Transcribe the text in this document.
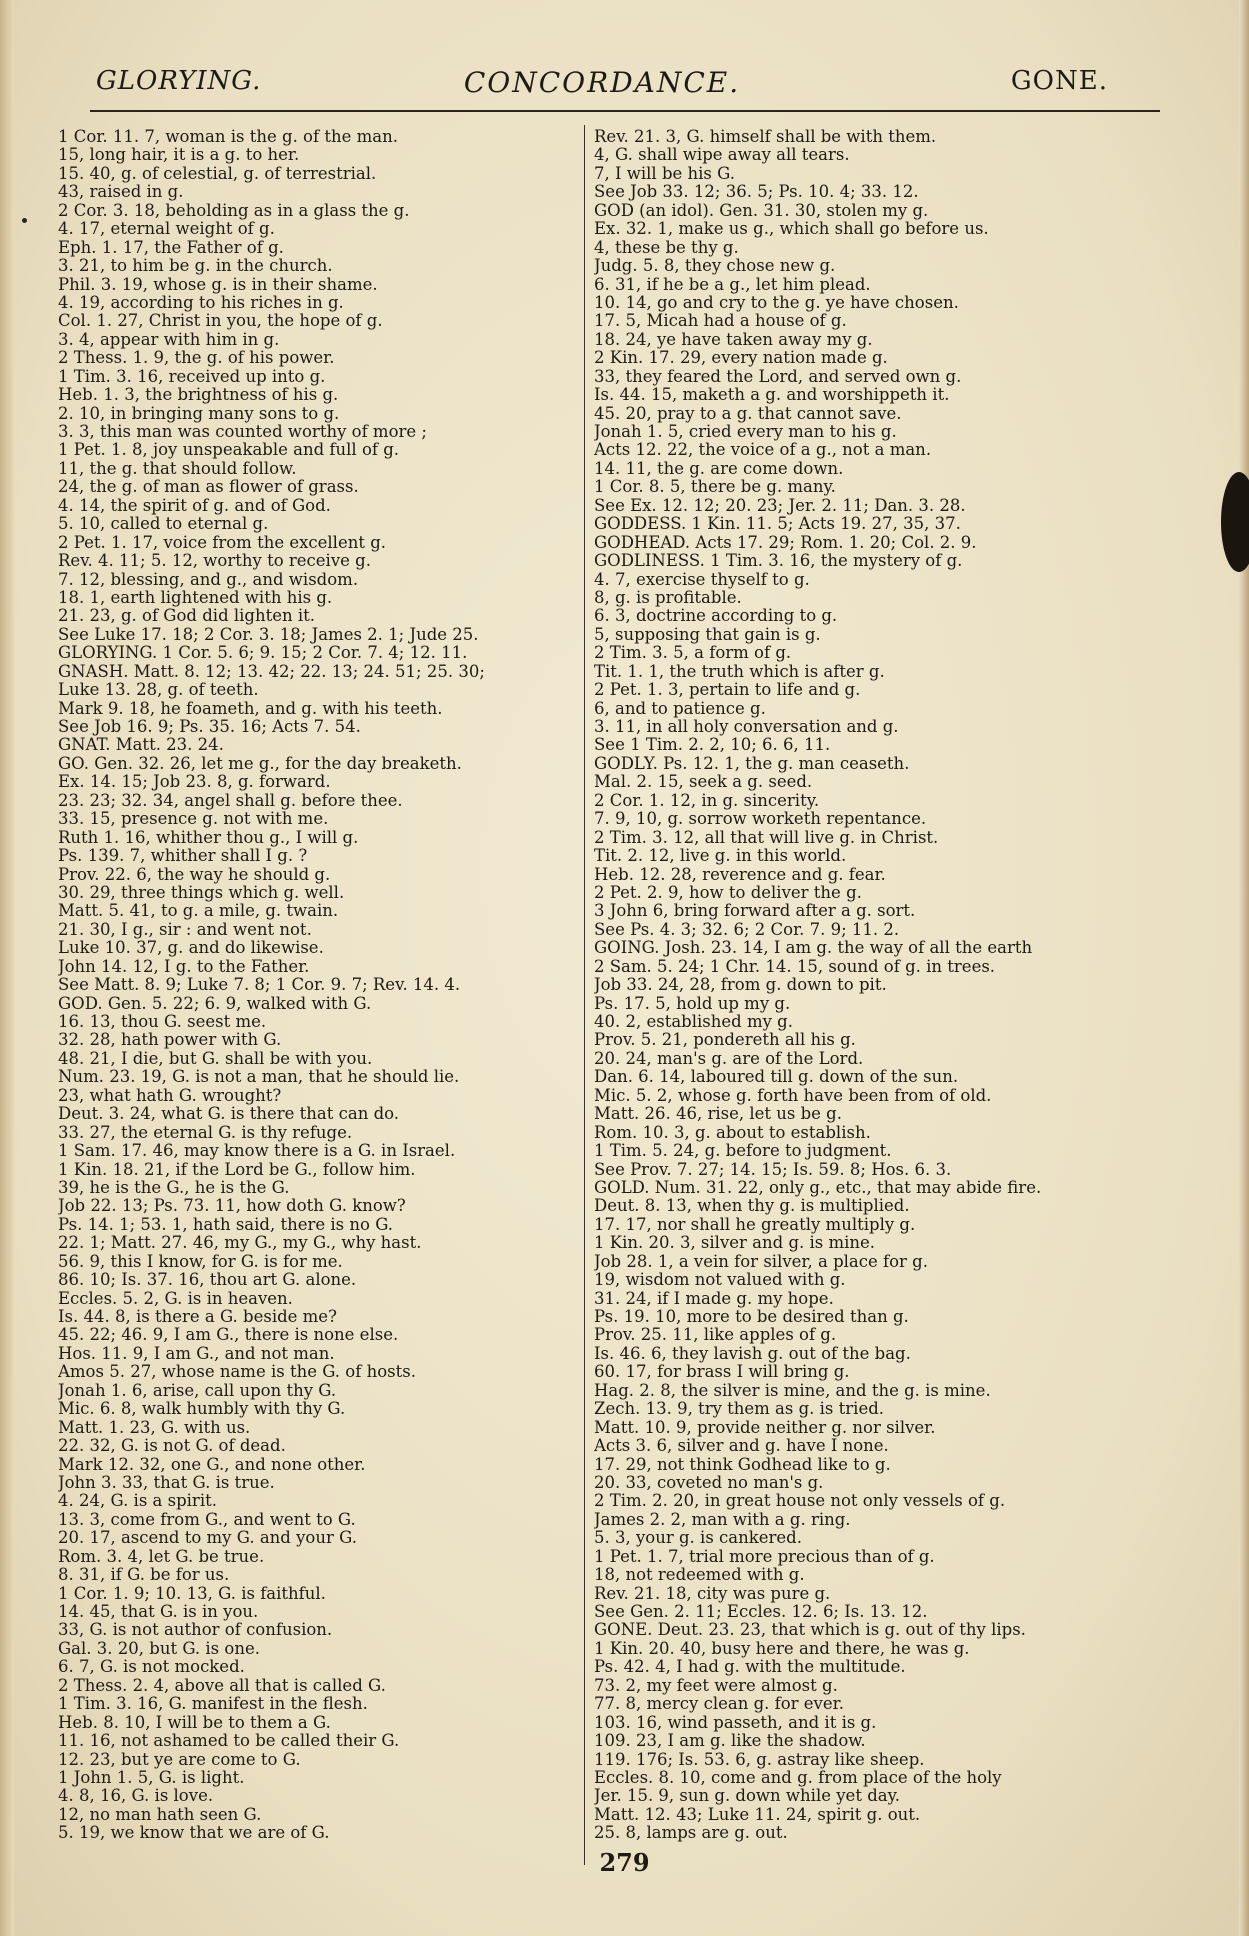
GLORYING.	CONCORDANCE.	GONE.
1 Cor. 11. 7, woman is the g. of the man.
15, long hair, it is a g. to her.
15. 40, g. of celestial, g. of terrestrial.
43, raised in g.
2 Cor. 3. 18, beholding as in a glass the g.
4. 17, eternal weight of g.
Eph. 1. 17, the Father of g.
3. 21, to him be g. in the church.
Phil. 3. 19, whose g. is in their shame.
4. 19, according to his riches in g.
Col. 1. 27, Christ in you, the hope of g.
3. 4, appear with him in g.
2 Thess. 1. 9, the g. of his power.
1 Tim. 3. 16, received up into g.
Heb. 1. 3, the brightness of his g.
2. 10, in bringing many sons to g.
3. 3, this man was counted worthy of more ;
1 Pet. 1. 8, joy unspeakable and full of g.
11, the g. that should follow.
24, the g. of man as flower of grass.
4. 14, the spirit of g. and of God.
5. 10, called to eternal g.
2 Pet. 1. 17, voice from the excellent g.
Rev. 4. 11; 5. 12, worthy to receive g.
7. 12, blessing, and g., and wisdom.
18. 1, earth lightened with his g.
21. 23, g. of God did lighten it.
See Luke 17. 18; 2 Cor. 3. 18; James 2. 1; Jude 25.
GLORYING. 1 Cor. 5. 6; 9. 15; 2 Cor. 7. 4; 12. 11.
GNASH. Matt. 8. 12; 13. 42; 22. 13; 24. 51; 25. 30;
Luke 13. 28, g. of teeth.
Mark 9. 18, he foameth, and g. with his teeth.
See Job 16. 9; Ps. 35. 16; Acts 7. 54.
GNAT. Matt. 23. 24.
GO. Gen. 32. 26, let me g., for the day breaketh.
Ex. 14. 15; Job 23. 8, g. forward.
23. 23; 32. 34, angel shall g. before thee.
33. 15, presence g. not with me.
Ruth 1. 16, whither thou g., I will g.
Ps. 139. 7, whither shall I g. ?
Prov. 22. 6, the way he should g.
30. 29, three things which g. well.
Matt. 5. 41, to g. a mile, g. twain.
21. 30, I g., sir : and went not.
Luke 10. 37, g. and do likewise.
John 14. 12, I g. to the Father.
See Matt. 8. 9; Luke 7. 8; 1 Cor. 9. 7; Rev. 14. 4.
GOD. Gen. 5. 22; 6. 9, walked with G.
16. 13, thou G. seest me.
32. 28, hath power with G.
48. 21, I die, but G. shall be with you.
Num. 23. 19, G. is not a man, that he should lie.
23, what hath G. wrought?
Deut. 3. 24, what G. is there that can do.
33. 27, the eternal G. is thy refuge.
1 Sam. 17. 46, may know there is a G. in Israel.
1 Kin. 18. 21, if the Lord be G., follow him.
39, he is the G., he is the G.
Job 22. 13; Ps. 73. 11, how doth G. know?
Ps. 14. 1; 53. 1, hath said, there is no G.
22. 1; Matt. 27. 46, my G., my G., why hast.
56. 9, this I know, for G. is for me.
86. 10; Is. 37. 16, thou art G. alone.
Eccles. 5. 2, G. is in heaven.
Is. 44. 8, is there a G. beside me?
45. 22; 46. 9, I am G., there is none else.
Hos. 11. 9, I am G., and not man.
Amos 5. 27, whose name is the G. of hosts.
Jonah 1. 6, arise, call upon thy G.
Mic. 6. 8, walk humbly with thy G.
Matt. 1. 23, G. with us.
22. 32, G. is not G. of dead.
Mark 12. 32, one G., and none other.
John 3. 33, that G. is true.
4. 24, G. is a spirit.
13. 3, come from G., and went to G.
20. 17, ascend to my G. and your G.
Rom. 3. 4, let G. be true.
8. 31, if G. be for us.
1 Cor. 1. 9; 10. 13, G. is faithful.
14. 45, that G. is in you.
33, G. is not author of confusion.
Gal. 3. 20, but G. is one.
6. 7, G. is not mocked.
2 Thess. 2. 4, above all that is called G.
1 Tim. 3. 16, G. manifest in the flesh.
Heb. 8. 10, I will be to them a G.
11. 16, not ashamed to be called their G.
12. 23, but ye are come to G.
1 John 1. 5, G. is light.
4. 8, 16, G. is love.
12, no man hath seen G.
5. 19, we know that we are of G.
Rev. 21. 3, G. himself shall be with them.
4, G. shall wipe away all tears.
7, I will be his G.
See Job 33. 12; 36. 5; Ps. 10. 4; 33. 12.
GOD (an idol). Gen. 31. 30, stolen my g.
Ex. 32. 1, make us g., which shall go before us.
4, these be thy g.
Judg. 5. 8, they chose new g.
6. 31, if he be a g., let him plead.
10. 14, go and cry to the g. ye have chosen.
17. 5, Micah had a house of g.
18. 24, ye have taken away my g.
2 Kin. 17. 29, every nation made g.
33, they feared the Lord, and served own g.
Is. 44. 15, maketh a g. and worshippeth it.
45. 20, pray to a g. that cannot save.
Jonah 1. 5, cried every man to his g.
Acts 12. 22, the voice of a g., not a man.
14. 11, the g. are come down.
1 Cor. 8. 5, there be g. many.
See Ex. 12. 12; 20. 23; Jer. 2. 11; Dan. 3. 28.
GODDESS. 1 Kin. 11. 5; Acts 19. 27, 35, 37.
GODHEAD. Acts 17. 29; Rom. 1. 20; Col. 2. 9.
GODLINESS. 1 Tim. 3. 16, the mystery of g.
4. 7, exercise thyself to g.
8, g. is profitable.
6. 3, doctrine according to g.
5, supposing that gain is g.
2 Tim. 3. 5, a form of g.
Tit. 1. 1, the truth which is after g.
2 Pet. 1. 3, pertain to life and g.
6, and to patience g.
3. 11, in all holy conversation and g.
See 1 Tim. 2. 2, 10; 6. 6, 11.
GODLY. Ps. 12. 1, the g. man ceaseth.
Mal. 2. 15, seek a g. seed.
2 Cor. 1. 12, in g. sincerity.
7. 9, 10, g. sorrow worketh repentance.
2 Tim. 3. 12, all that will live g. in Christ.
Tit. 2. 12, live g. in this world.
Heb. 12. 28, reverence and g. fear.
2 Pet. 2. 9, how to deliver the g.
3 John 6, bring forward after a g. sort.
See Ps. 4. 3; 32. 6; 2 Cor. 7. 9; 11. 2.
GOING. Josh. 23. 14, I am g. the way of all the earth
2 Sam. 5. 24; 1 Chr. 14. 15, sound of g. in trees.
Job 33. 24, 28, from g. down to pit.
Ps. 17. 5, hold up my g.
40. 2, established my g.
Prov. 5. 21, pondereth all his g.
20. 24, man's g. are of the Lord.
Dan. 6. 14, laboured till g. down of the sun.
Mic. 5. 2, whose g. forth have been from of old.
Matt. 26. 46, rise, let us be g.
Rom. 10. 3, g. about to establish.
1 Tim. 5. 24, g. before to judgment.
See Prov. 7. 27; 14. 15; Is. 59. 8; Hos. 6. 3.
GOLD. Num. 31. 22, only g., etc., that may abide fire.
Deut. 8. 13, when thy g. is multiplied.
17. 17, nor shall he greatly multiply g.
1 Kin. 20. 3, silver and g. is mine.
Job 28. 1, a vein for silver, a place for g.
19, wisdom not valued with g.
31. 24, if I made g. my hope.
Ps. 19. 10, more to be desired than g.
Prov. 25. 11, like apples of g.
Is. 46. 6, they lavish g. out of the bag.
60. 17, for brass I will bring g.
Hag. 2. 8, the silver is mine, and the g. is mine.
Zech. 13. 9, try them as g. is tried.
Matt. 10. 9, provide neither g. nor silver.
Acts 3. 6, silver and g. have I none.
17. 29, not think Godhead like to g.
20. 33, coveted no man's g.
2 Tim. 2. 20, in great house not only vessels of g.
James 2. 2, man with a g. ring.
5. 3, your g. is cankered.
1 Pet. 1. 7, trial more precious than of g.
18, not redeemed with g.
Rev. 21. 18, city was pure g.
See Gen. 2. 11; Eccles. 12. 6; Is. 13. 12.
GONE. Deut. 23. 23, that which is g. out of thy lips.
1 Kin. 20. 40, busy here and there, he was g.
Ps. 42. 4, I had g. with the multitude.
73. 2, my feet were almost g.
77. 8, mercy clean g. for ever.
103. 16, wind passeth, and it is g.
109. 23, I am g. like the shadow.
119. 176; Is. 53. 6, g. astray like sheep.
Eccles. 8. 10, come and g. from place of the holy
Jer. 15. 9, sun g. down while yet day.
Matt. 12. 43; Luke 11. 24, spirit g. out.
25. 8, lamps are g. out.
279
